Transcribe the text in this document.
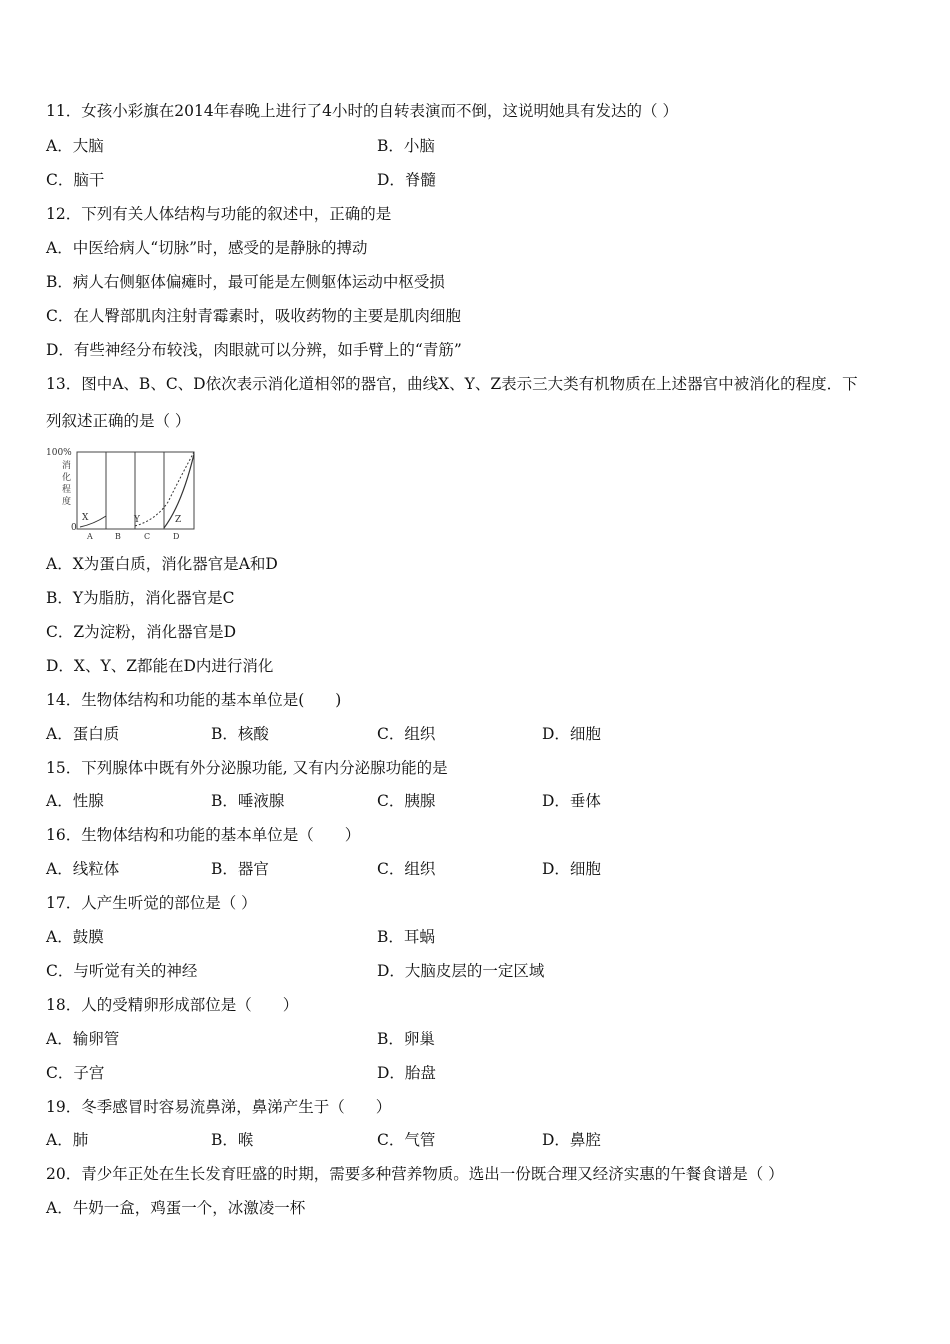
11．女孩小彩旗在2014年春晚上进行了4小时的自转表演而不倒，这说明她具有发达的（ ）
A．大脑	B．小脑
C．脑干	D．脊髓
12．下列有关人体结构与功能的叙述中，正确的是
A．中医给病人“切脉”时，感受的是静脉的搏动
B．病人右侧躯体偏瘫时，最可能是左侧躯体运动中枢受损
C．在人臀部肌肉注射青霉素时，吸收药物的主要是肌肉细胞
D．有些神经分布较浅，肉眼就可以分辨，如手臂上的“青筋”
13．图中A、B、C、D依次表示消化道相邻的器官，曲线X、Y、Z表示三大类有机物质在上述器官中被消化的程度．下
列叙述正确的是（ ）
100%
消
化
程
度
0
X	Y	Z
A	B	C	D
A．X为蛋白质，消化器官是A和D
B．Y为脂肪，消化器官是C
C．Z为淀粉，消化器官是D
D．X、Y、Z都能在D内进行消化
14．生物体结构和功能的基本单位是(　　)
A．蛋白质	B．核酸	C．组织	D．细胞
15．下列腺体中既有外分泌腺功能, 又有内分泌腺功能的是
A．性腺	B．唾液腺	C．胰腺	D．垂体
16．生物体结构和功能的基本单位是（　　）
A．线粒体	B．器官	C．组织	D．细胞
17．人产生听觉的部位是（ ）
A．鼓膜	B．耳蜗
C．与听觉有关的神经	D．大脑皮层的一定区域
18．人的受精卵形成部位是（　　）
A．输卵管	B．卵巢
C．子宫	D．胎盘
19．冬季感冒时容易流鼻涕，鼻涕产生于（　　）
A．肺	B．喉	C．气管	D．鼻腔
20．青少年正处在生长发育旺盛的时期，需要多种营养物质。选出一份既合理又经济实惠的午餐食谱是（ ）
A．牛奶一盒，鸡蛋一个，冰激凌一杯
